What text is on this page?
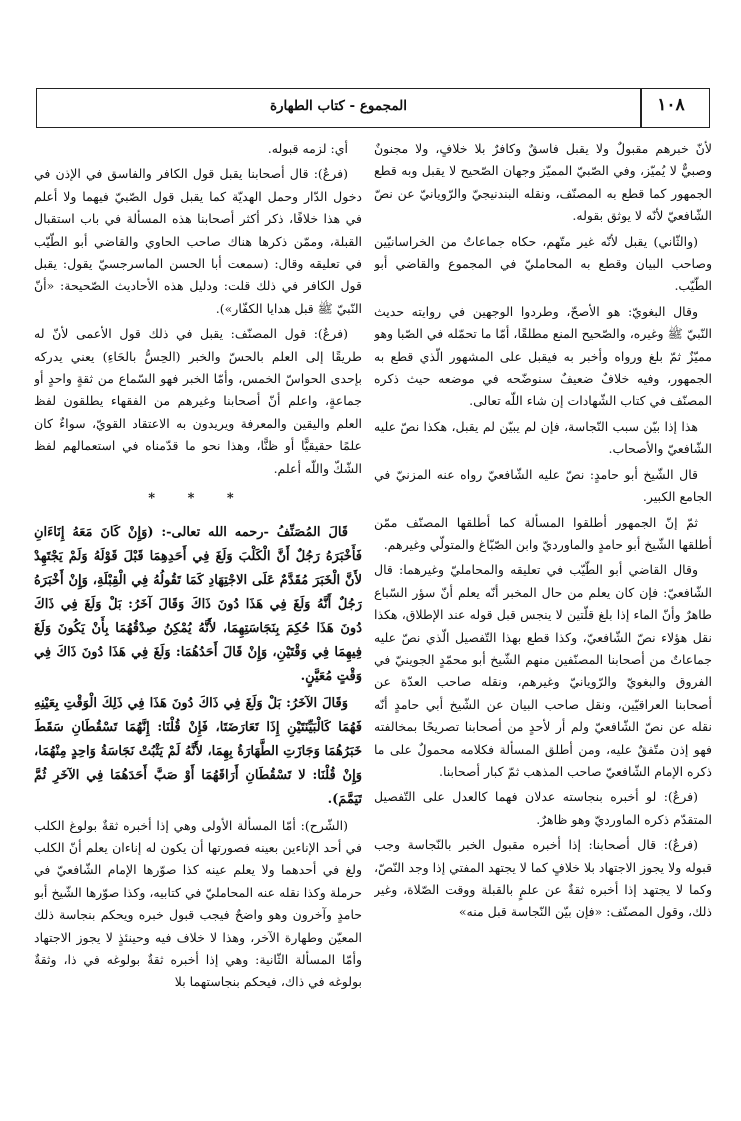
١٠٨
المجموع - كتاب الطهارة

لأنّ خبرهم مقبولٌ ولا يقبل فاسقٌ وكافرٌ بلا خلافٍ، ولا مجنونٌ وصبيٌّ لا يُميّز، وفي الصّبيّ المميّز وجهان الصّحيح لا يقبل وبه قطع الجمهور كما قطع به المصنّف، ونقله البندنيجيّ والرّويانيّ عن نصّ الشّافعيّ لأنّه لا يوثق بقوله.

(والثّاني) يقبل لأنّه غير متّهم، حكاه جماعاتٌ من الخراسانيّين وصاحب البيان وقطع به المحامليّ في المجموع والقاضي أبو الطّيّب.

وقال البغويّ: هو الأصحّ، وطردوا الوجهين في روايته حديث النّبيّ ﷺ وغيره، والصّحيح المنع مطلقًا، أمّا ما تحمّله في الصّبا وهو مميّزٌ ثمّ بلغ ورواه وأخبر به فيقبل على المشهور الّذي قطع به الجمهور، وفيه خلافٌ ضعيفٌ سنوضّحه في موضعه حيث ذكره المصنّف في كتاب الشّهادات إن شاء اللّه تعالى.

هذا إذا بيّن سبب النّجاسة، فإن لم يبيّن لم يقبل، هكذا نصّ عليه الشّافعيّ والأصحاب.

قال الشّيخ أبو حامدٍ: نصّ عليه الشّافعيّ رواه عنه المزنيّ في الجامع الكبير.

ثمّ إنّ الجمهور أطلقوا المسألة كما أطلقها المصنّف ممّن أطلقها الشّيخ أبو حامدٍ والماورديّ وابن الصّبّاغ والمتولّي وغيرهم.

وقال القاضي أبو الطّيّب في تعليقه والمحامليّ وغيرهما: قال الشّافعيّ: فإن كان يعلم من حال المخبر أنّه يعلم أنّ سؤر السّباع طاهرٌ وأنّ الماء إذا بلغ قلّتين لا ينجس قبل قوله عند الإطلاق، هكذا نقل هؤلاء نصّ الشّافعيّ، وكذا قطع بهذا التّفصيل الّذي نصّ عليه جماعاتٌ من أصحابنا المصنّفين منهم الشّيخ أبو محمّدٍ الجوينيّ في الفروق والبغويّ والرّويانيّ وغيرهم، ونقله صاحب العدّة عن أصحابنا العراقيّين، ونقل صاحب البيان عن الشّيخ أبي حامدٍ أنّه نقله عن نصّ الشّافعيّ ولم أر لأحدٍ من أصحابنا تصريحًا بمخالفته فهو إذن متّفقٌ عليه، ومن أطلق المسألة فكلامه محمولٌ على ما ذكره الإمام الشّافعيّ صاحب المذهب ثمّ كبار أصحابنا.

(فرعٌ): لو أخبره بنجاسته عدلان فهما كالعدل على التّفصيل المتقدّم ذكره الماورديّ وهو ظاهرٌ.

(فرعٌ): قال أصحابنا: إذا أخبره مقبول الخبر بالنّجاسة وجب قبوله ولا يجوز الاجتهاد بلا خلافٍ كما لا يجتهد المفتي إذا وجد النّصّ، وكما لا يجتهد إذا أخبره ثقةٌ عن علمٍ بالقبلة ووقت الصّلاة، وغير ذلك، وقول المصنّف: «فإن بيّن النّجاسة قبل منه»

أي: لزمه قبوله.

(فرعٌ): قال أصحابنا يقبل قول الكافر والفاسق في الإذن في دخول الدّار وحمل الهديّة كما يقبل قول الصّبيّ فيهما ولا أعلم في هذا خلافًا، ذكر أكثر أصحابنا هذه المسألة في باب استقبال القبلة، وممّن ذكرها هناك صاحب الحاوي والقاضي أبو الطّيّب في تعليقه وقال: (سمعت أبا الحسن الماسرجسيّ يقول: يقبل قول الكافر في ذلك قلت: ودليل هذه الأحاديث الصّحيحة: «أنّ النّبيّ ﷺ قبل هدايا الكفّار»).

(فرعٌ): قول المصنّف: يقبل في ذلك قول الأعمى لأنّ له طريقًا إلى العلم بالحسّ والخبر (الحِسُّ بالحَاءِ) يعني يدركه بإحدى الحواسّ الخمس، وأمّا الخبر فهو السّماع من ثقةٍ واحدٍ أو جماعةٍ، واعلم أنّ أصحابنا وغيرهم من الفقهاء يطلقون لفظ العلم واليقين والمعرفة ويريدون به الاعتقاد القويّ، سواءٌ كان علمًا حقيقيًّا أو ظنًّا، وهذا نحو ما قدّمناه في استعمالهم لفظ الشّكّ واللّه أعلم.

* * *

قَالَ المُصَنِّفُ -رحمه الله تعالى-: (وَإِنْ كَانَ مَعَهُ إِنَاءَانِ فَأَخْبَرَهُ رَجُلٌ أَنَّ الْكَلْبَ وَلَغَ فِي أَحَدِهِمَا قَبْلَ قَوْلَهُ وَلَمْ يَجْتَهِدْ لأَنَّ الْخَبَرَ مُقَدَّمٌ عَلَى الاجْتِهَادِ كَمَا تَقُولُهُ فِي الْقِبْلَةِ، وَإِنْ أَخْبَرَهُ رَجُلٌ أَنَّهُ وَلَغَ فِي هَذَا دُونَ ذَاكَ وَقَالَ آخَرُ: بَلْ وَلَغَ فِي ذَاكَ دُونَ هَذَا حُكِمَ بِنَجَاسَتِهِمَا، لأَنَّهُ يُمْكِنُ صِدْقُهُمَا بِأَنْ يَكُونَ وَلَغَ فِيهِمَا فِي وَقْتَيْنِ، وَإِنْ قَالَ أَحَدُهُمَا: وَلَغَ فِي هَذَا دُونَ ذَاكَ فِي وَقْتٍ مُعَيَّنٍ.

وَقَالَ الآخَرُ: بَلْ وَلَغَ فِي ذَاكَ دُونَ هَذَا فِي ذَلِكَ الْوَقْتِ بِعَيْنِهِ فَهُمَا كَالْبَيِّنَتَيْنِ إِذَا تَعَارَضَتَا، فَإِنْ قُلْنَا: إِنَّهُمَا تَسْقُطَانِ سَقَطَ خَبَرُهُمَا وَجَازَتِ الطَّهَارَةُ بِهِمَا، لأَنَّهُ لَمْ يَثْبُتْ نَجَاسَةُ وَاحِدٍ مِنْهُمَا، وَإِنْ قُلْنَا: لا تَسْقُطَانِ أَرَاقَهُمَا أَوْ صَبَّ أَحَدَهُمَا فِي الآخَرِ ثُمَّ تَيَمَّمَ).

(الشّرح): أمّا المسألة الأولى وهي إذا أخبره ثقةٌ بولوغ الكلب في أحد الإناءين بعينه فصورتها أن يكون له إناءان يعلم أنّ الكلب ولغ في أحدهما ولا يعلم عينه كذا صوّرها الإمام الشّافعيّ في حرملة وكذا نقله عنه المحامليّ في كتابيه، وكذا صوّرها الشّيخ أبو حامدٍ وآخرون وهو واضحٌ فيجب قبول خبره ويحكم بنجاسة ذلك المعيّن وطهارة الآخر، وهذا لا خلاف فيه وحينئذٍ لا يجوز الاجتهاد وأمّا المسألة الثّانية: وهي إذا أخبره ثقةٌ بولوغه في ذا، وثقةٌ بولوغه في ذاك، فيحكم بنجاستهما بلا
